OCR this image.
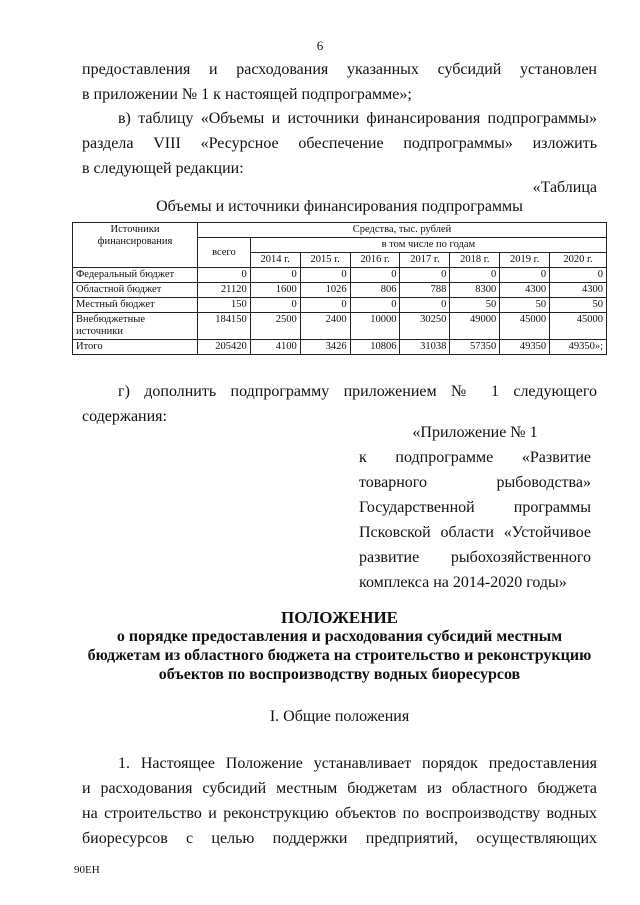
6
предоставления и расходования указанных субсидий установлен
в приложении № 1 к настоящей подпрограмме»;
в) таблицу «Объемы и источники финансирования подпрограммы»
раздела VIII «Ресурсное обеспечение подпрограммы» изложить
в следующей редакции:
«Таблица
Объемы и источники финансирования подпрограммы
Источники финансирования	Средства, тыс. рублей							
	всего	в том числе по годам						
		2014 г.	2015 г.	2016 г.	2017 г.	2018 г.	2019 г.	2020 г.
Федеральный бюджет	0	0	0	0	0	0	0	0
Областной бюджет	21120	1600	1026	806	788	8300	4300	4300
Местный бюджет	150	0	0	0	0	50	50	50
Внебюджетные источники	184150	2500	2400	10000	30250	49000	45000	45000
Итого	205420	4100	3426	10806	31038	57350	49350	49350»;
г) дополнить подпрограмму приложением № 1 следующего
содержания:
«Приложение № 1
к подпрограмме «Развитие
товарного рыбоводства»
Государственной программы
Псковской области «Устойчивое
развитие рыбохозяйственного
комплекса на 2014-2020 годы»
ПОЛОЖЕНИЕ
о порядке предоставления и расходования субсидий местным
бюджетам из областного бюджета на строительство и реконструкцию
объектов по воспроизводству водных биоресурсов
I. Общие положения
1. Настоящее Положение устанавливает порядок предоставления
и расходования субсидий местным бюджетам из областного бюджета
на строительство и реконструкцию объектов по воспроизводству водных
биоресурсов с целью поддержки предприятий, осуществляющих
90ЕН
